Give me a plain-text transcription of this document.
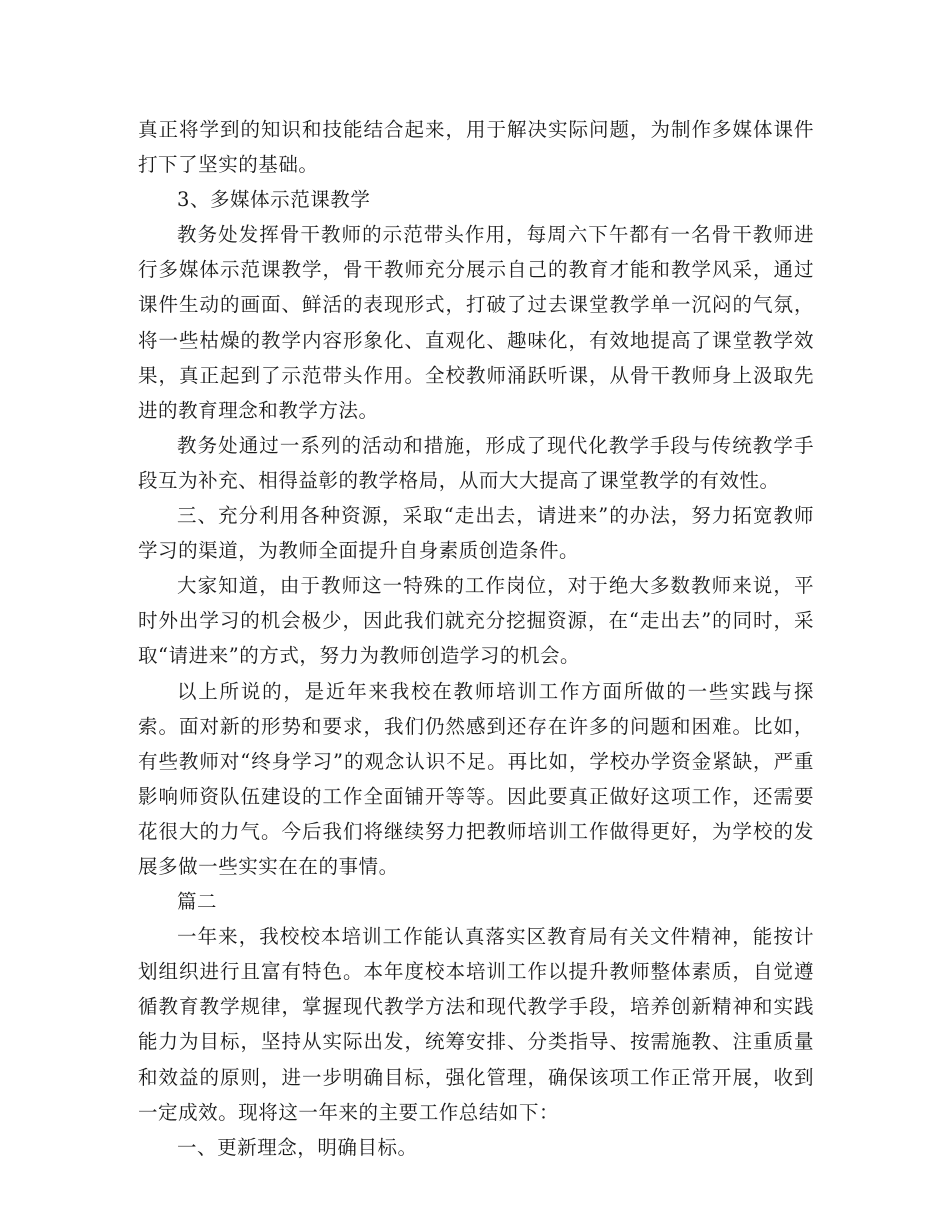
真正将学到的知识和技能结合起来，用于解决实际问题，为制作多媒体课件打下了坚实的基础。

3、多媒体示范课教学

教务处发挥骨干教师的示范带头作用，每周六下午都有一名骨干教师进行多媒体示范课教学，骨干教师充分展示自己的教育才能和教学风采，通过课件生动的画面、鲜活的表现形式，打破了过去课堂教学单一沉闷的气氛，将一些枯燥的教学内容形象化、直观化、趣味化，有效地提高了课堂教学效果，真正起到了示范带头作用。全校教师涌跃听课，从骨干教师身上汲取先进的教育理念和教学方法。

教务处通过一系列的活动和措施，形成了现代化教学手段与传统教学手段互为补充、相得益彰的教学格局，从而大大提高了课堂教学的有效性。

三、充分利用各种资源，采取“走出去，请进来”的办法，努力拓宽教师学习的渠道，为教师全面提升自身素质创造条件。

大家知道，由于教师这一特殊的工作岗位，对于绝大多数教师来说，平时外出学习的机会极少，因此我们就充分挖掘资源，在“走出去”的同时，采取“请进来”的方式，努力为教师创造学习的机会。

以上所说的，是近年来我校在教师培训工作方面所做的一些实践与探索。面对新的形势和要求，我们仍然感到还存在许多的问题和困难。比如，有些教师对“终身学习”的观念认识不足。再比如，学校办学资金紧缺，严重影响师资队伍建设的工作全面铺开等等。因此要真正做好这项工作，还需要花很大的力气。今后我们将继续努力把教师培训工作做得更好，为学校的发展多做一些实实在在的事情。

篇二

一年来，我校校本培训工作能认真落实区教育局有关文件精神，能按计划组织进行且富有特色。本年度校本培训工作以提升教师整体素质，自觉遵循教育教学规律，掌握现代教学方法和现代教学手段，培养创新精神和实践能力为目标，坚持从实际出发，统筹安排、分类指导、按需施教、注重质量和效益的原则，进一步明确目标，强化管理，确保该项工作正常开展，收到一定成效。现将这一年来的主要工作总结如下：

一、更新理念，明确目标。
